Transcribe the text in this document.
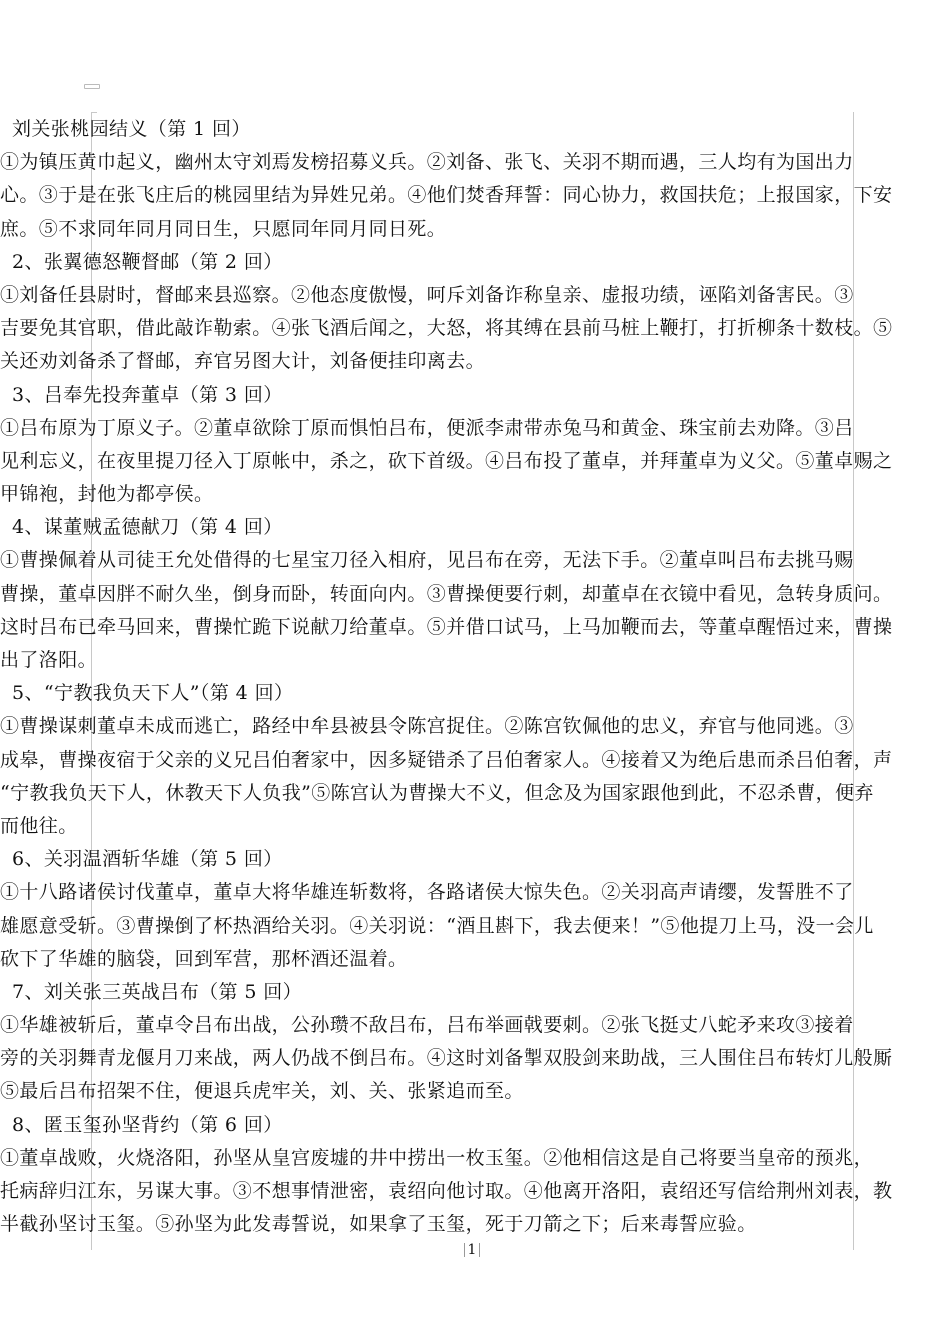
刘关张桃园结义（第 1 回）
①为镇压黄巾起义，幽州太守刘焉发榜招募义兵。②刘备、张飞、关羽不期而遇，三人均有为国出力
心。③于是在张飞庄后的桃园里结为异姓兄弟。④他们焚香拜誓：同心协力，救国扶危；上报国家，下安
庶。⑤不求同年同月同日生，只愿同年同月同日死。
2、张翼德怒鞭督邮（第 2 回）
①刘备任县尉时，督邮来县巡察。②他态度傲慢，呵斥刘备诈称皇亲、虚报功绩，诬陷刘备害民。③
吉要免其官职，借此敲诈勒索。④张飞酒后闻之，大怒，将其缚在县前马桩上鞭打，打折柳条十数枝。⑤
关还劝刘备杀了督邮，弃官另图大计，刘备便挂印离去。
3、吕奉先投奔董卓（第 3 回）
①吕布原为丁原义子。②董卓欲除丁原而惧怕吕布，便派李肃带赤兔马和黄金、珠宝前去劝降。③吕
见利忘义，在夜里提刀径入丁原帐中，杀之，砍下首级。④吕布投了董卓，并拜董卓为义父。⑤董卓赐之
甲锦袍，封他为都亭侯。
4、谋董贼孟德献刀（第 4 回）
①曹操佩着从司徒王允处借得的七星宝刀径入相府，见吕布在旁，无法下手。②董卓叫吕布去挑马赐
曹操，董卓因胖不耐久坐，倒身而卧，转面向内。③曹操便要行刺，却董卓在衣镜中看见，急转身质问。
这时吕布已牵马回来，曹操忙跪下说献刀给董卓。⑤并借口试马，上马加鞭而去，等董卓醒悟过来，曹操
出了洛阳。
5、“宁教我负天下人”（第 4 回）
①曹操谋刺董卓未成而逃亡，路经中牟县被县令陈宫捉住。②陈宫钦佩他的忠义，弃官与他同逃。③
成皋，曹操夜宿于父亲的义兄吕伯奢家中，因多疑错杀了吕伯奢家人。④接着又为绝后患而杀吕伯奢，声
“宁教我负天下人，休教天下人负我”⑤陈宫认为曹操大不义，但念及为国家跟他到此，不忍杀曹，便弃
而他往。
6、关羽温酒斩华雄（第 5 回）
①十八路诸侯讨伐董卓，董卓大将华雄连斩数将，各路诸侯大惊失色。②关羽高声请缨，发誓胜不了
雄愿意受斩。③曹操倒了杯热酒给关羽。④关羽说：“酒且斟下，我去便来！”⑤他提刀上马，没一会儿
砍下了华雄的脑袋，回到军营，那杯酒还温着。
7、刘关张三英战吕布（第 5 回）
①华雄被斩后，董卓令吕布出战，公孙瓒不敌吕布，吕布举画戟要刺。②张飞挺丈八蛇矛来攻③接着
旁的关羽舞青龙偃月刀来战，两人仍战不倒吕布。④这时刘备掣双股剑来助战，三人围住吕布转灯儿般厮
⑤最后吕布招架不住，便退兵虎牢关，刘、关、张紧追而至。
8、匿玉玺孙坚背约（第 6 回）
①董卓战败，火烧洛阳，孙坚从皇宫废墟的井中捞出一枚玉玺。②他相信这是自己将要当皇帝的预兆，
托病辞归江东，另谋大事。③不想事情泄密，袁绍向他讨取。④他离开洛阳，袁绍还写信给荆州刘表，教
半截孙坚讨玉玺。⑤孙坚为此发毒誓说，如果拿了玉玺，死于刀箭之下；后来毒誓应验。
1
